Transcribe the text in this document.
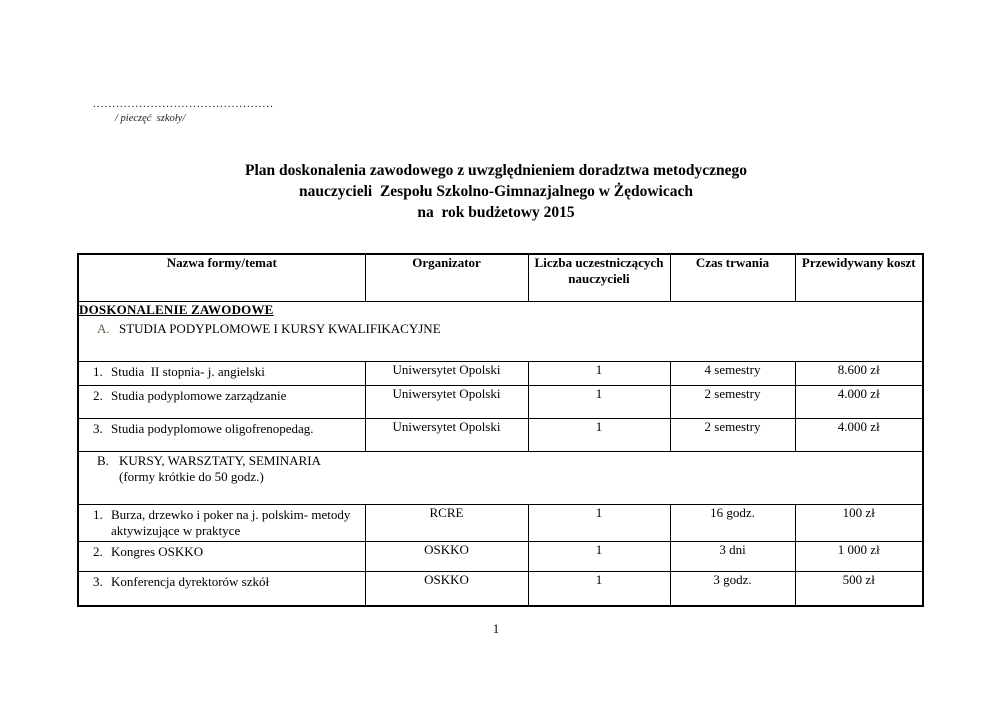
...............................................
/ pieczęć  szkoły/
Plan doskonalenia zawodowego z uwzględnieniem doradztwa metodycznego
nauczycieli  Zespołu Szkolno-Gimnazjalnego w Żędowicach
na  rok budżetowy 2015
Nazwa formy/temat	Organizator	Liczba uczestniczących nauczycieli	Czas trwania	Przewidywany koszt

DOSKONALENIE ZAWODOWE
A. STUDIA PODYPLOMOWE I KURSY KWALIFIKACYJNE				

1. Studia  II stopnia- j. angielski	Uniwersytet Opolski	1	4 semestry	8.600 zł

2. Studia podyplomowe zarządzanie	Uniwersytet Opolski	1	2 semestry	4.000 zł

3. Studia podyplomowe oligofrenopedag.	Uniwersytet Opolski	1	2 semestry	4.000 zł

B. KURSY, WARSZTATY, SEMINARIA
(formy krótkie do 50 godz.)				

1. Burza, drzewko i poker na j. polskim- metody aktywizujące w praktyce	RCRE	1	16 godz.	100 zł

2. Kongres OSKKO	OSKKO	1	3 dni	1 000 zł

3. Konferencja dyrektorów szkół	OSKKO	1	3 godz.	500 zł
1
